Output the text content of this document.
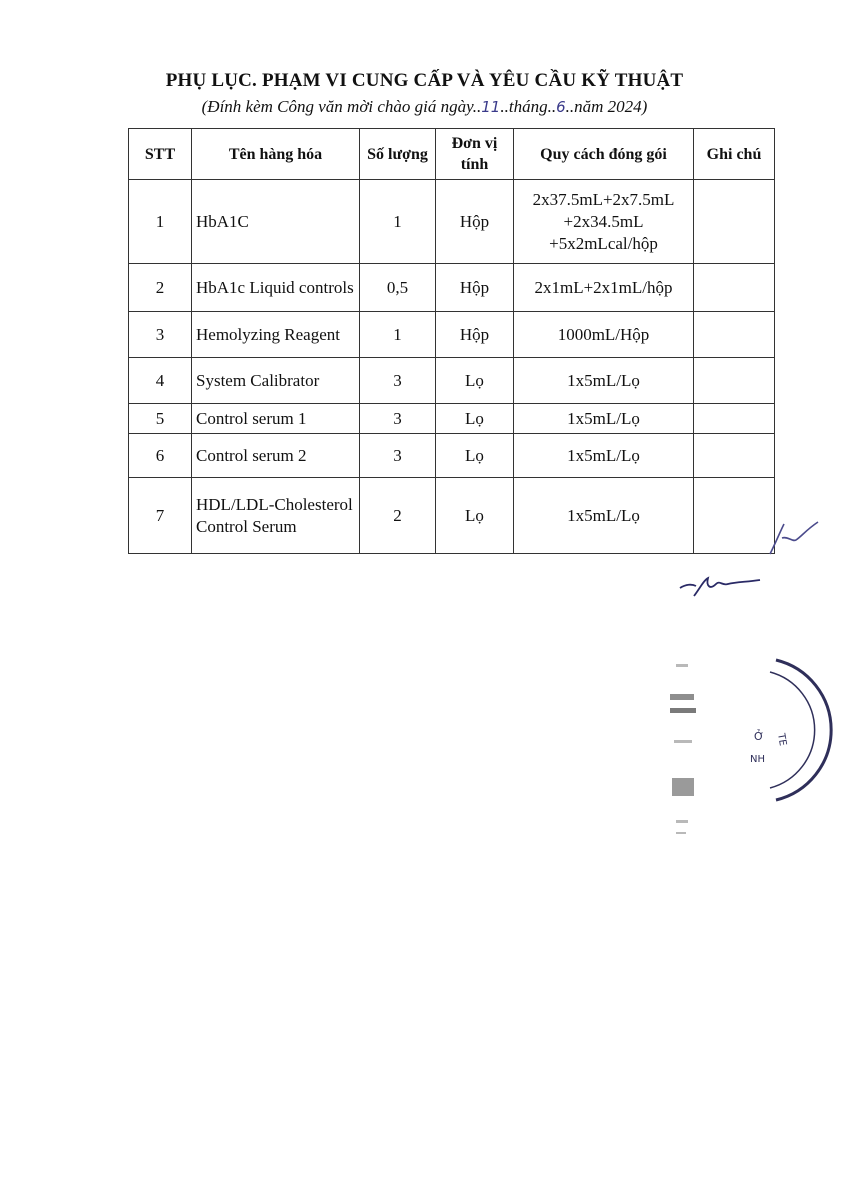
PHỤ LỤC. PHẠM VI CUNG CẤP VÀ YÊU CẦU KỸ THUẬT
(Đính kèm Công văn mời chào giá ngày..11..tháng..6..năm 2024)
STT	Tên hàng hóa	Số lượng	Đơn vị tính	Quy cách đóng gói	Ghi chú
1	HbA1C	1	Hộp	2x37.5mL+2x7.5mL +2x34.5mL +5x2mLcal/hộp	
2	HbA1c Liquid controls	0,5	Hộp	2x1mL+2x1mL/hộp	
3	Hemolyzing Reagent	1	Hộp	1000mL/Hộp	
4	System Calibrator	3	Lọ	1x5mL/Lọ	
5	Control serum 1	3	Lọ	1x5mL/Lọ	
6	Control serum 2	3	Lọ	1x5mL/Lọ	
7	HDL/LDL-Cholesterol Control Serum	2	Lọ	1x5mL/Lọ	
Ở
NH
TE
